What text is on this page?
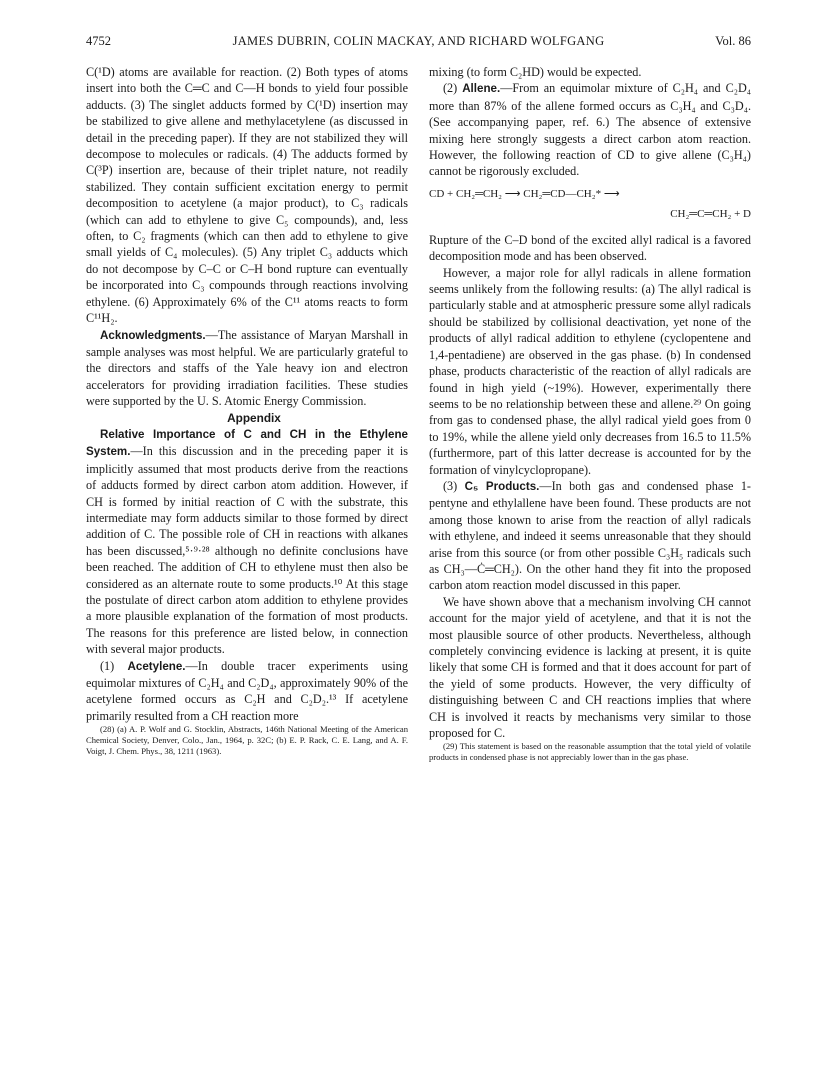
4752	JAMES DUBRIN, COLIN MACKAY, AND RICHARD WOLFGANG	Vol. 86

C(¹D) atoms are available for reaction. (2) Both types of atoms insert into both the C═C and C—H bonds to yield four possible adducts. (3) The singlet adducts formed by C(¹D) insertion may be stabilized to give allene and methylacetylene (as discussed in detail in the preceding paper). If they are not stabilized they will decompose to molecules or radicals. (4) The adducts formed by C(³P) insertion are, because of their triplet nature, not readily stabilized. They contain sufficient excitation energy to permit decomposition to acetylene (a major product), to C₃ radicals (which can add to ethylene to give C₅ compounds), and, less often, to C₂ fragments (which can then add to ethylene to give small yields of C₄ molecules). (5) Any triplet C₃ adducts which do not decompose by C–C or C–H bond rupture can eventually be incorporated into C₃ compounds through reactions involving ethylene. (6) Approximately 6% of the C¹¹ atoms reacts to form C¹¹H₂.

Acknowledgments.—The assistance of Maryan Marshall in sample analyses was most helpful. We are particularly grateful to the directors and staffs of the Yale heavy ion and electron accelerators for providing irradiation facilities. These studies were supported by the U. S. Atomic Energy Commission.

Appendix

Relative Importance of C and CH in the Ethylene System.—In this discussion and in the preceding paper it is implicitly assumed that most products derive from the reactions of adducts formed by direct carbon atom addition. However, if CH is formed by initial reaction of C with the substrate, this intermediate may form adducts similar to those formed by direct addition of C. The possible role of CH in reactions with alkanes has been discussed,⁵·⁹·²⁸ although no definite conclusions have been reached. The addition of CH to ethylene must then also be considered as an alternate route to some products.¹⁰ At this stage the postulate of direct carbon atom addition to ethylene provides a more plausible explanation of the formation of most products. The reasons for this preference are listed below, in connection with several major products.

(1) Acetylene.—In double tracer experiments using equimolar mixtures of C₂H₄ and C₂D₄, approximately 90% of the acetylene formed occurs as C₂H and C₂D₂.¹³ If acetylene primarily resulted from a CH reaction more

(28) (a) A. P. Wolf and G. Stocklin, Abstracts, 146th National Meeting of the American Chemical Society, Denver, Colo., Jan., 1964, p. 32C; (b) E. P. Rack, C. E. Lang, and A. F. Voigt, J. Chem. Phys., 38, 1211 (1963).

mixing (to form C₂HD) would be expected.

(2) Allene.—From an equimolar mixture of C₂H₄ and C₂D₄ more than 87% of the allene formed occurs as C₃H₄ and C₃D₄. (See accompanying paper, ref. 6.) The absence of extensive mixing here strongly suggests a direct carbon atom reaction. However, the following reaction of CD to give allene (C₃H₄) cannot be rigorously excluded.

CD + CH₂═CH₂ ⟶ CH₂═CD—CH₂* ⟶
CH₂═C═CH₂ + D

Rupture of the C–D bond of the excited allyl radical is a favored decomposition mode and has been observed.

However, a major role for allyl radicals in allene formation seems unlikely from the following results: (a) The allyl radical is particularly stable and at atmospheric pressure some allyl radicals should be stabilized by collisional deactivation, yet none of the products of allyl radical addition to ethylene (cyclopentene and 1,4-pentadiene) are observed in the gas phase. (b) In condensed phase, products characteristic of the reaction of allyl radicals are found in high yield (~19%). However, experimentally there seems to be no relationship between these and allene.²⁹ On going from gas to condensed phase, the allyl radical yield goes from 0 to 19%, while the allene yield only decreases from 16.5 to 11.5% (furthermore, part of this latter decrease is accounted for by the formation of vinylcyclopropane).

(3) C₅ Products.—In both gas and condensed phase 1-pentyne and ethylallene have been found. These products are not among those known to arise from the reaction of allyl radicals with ethylene, and indeed it seems unreasonable that they should arise from this source (or from other possible C₃H₅ radicals such as CH₃—Ċ═CH₂). On the other hand they fit into the proposed carbon atom reaction model discussed in this paper.

We have shown above that a mechanism involving CH cannot account for the major yield of acetylene, and that it is not the most plausible source of other products. Nevertheless, although completely convincing evidence is lacking at present, it is quite likely that some CH is formed and that it does account for part of the yield of some products. However, the very difficulty of distinguishing between C and CH reactions implies that where CH is involved it reacts by mechanisms very similar to those proposed for C.

(29) This statement is based on the reasonable assumption that the total yield of volatile products in condensed phase is not appreciably lower than in the gas phase.
